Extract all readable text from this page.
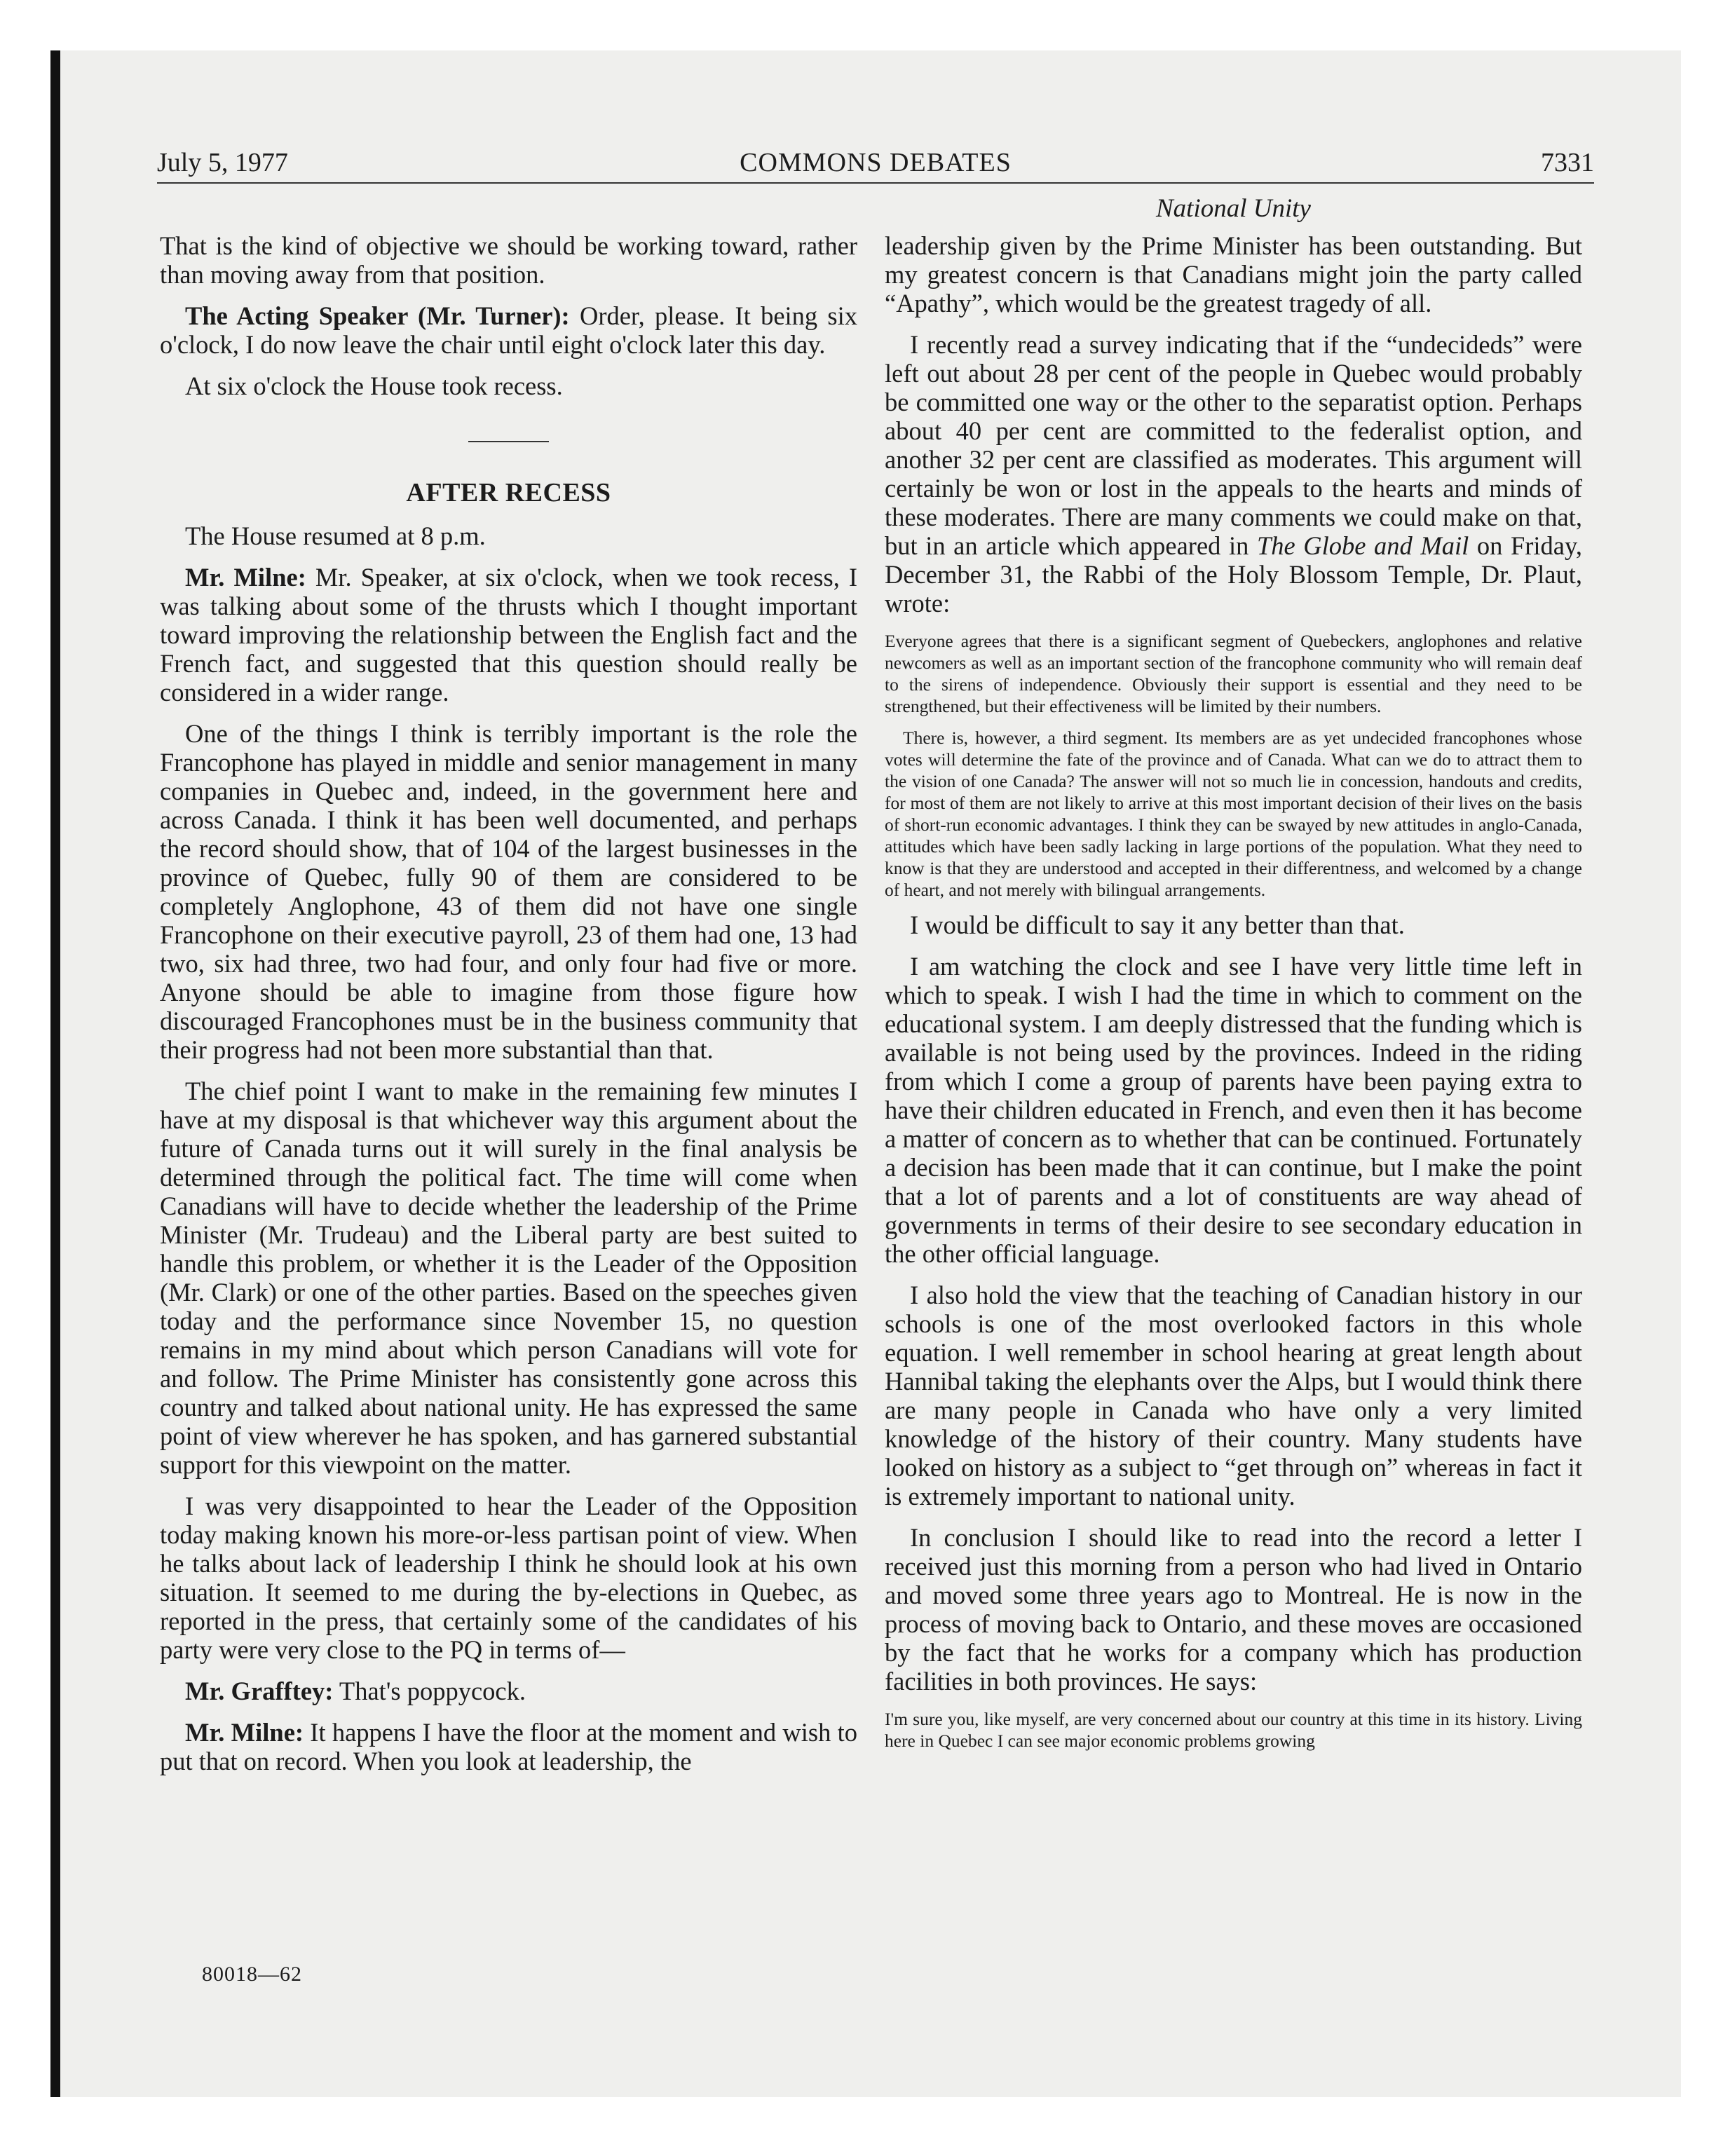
July 5, 1977	COMMONS DEBATES	7331
National Unity

That is the kind of objective we should be working toward, rather than moving away from that position.

The Acting Speaker (Mr. Turner): Order, please. It being six o'clock, I do now leave the chair until eight o'clock later this day.

At six o'clock the House took recess.

AFTER RECESS

The House resumed at 8 p.m.

Mr. Milne: Mr. Speaker, at six o'clock, when we took recess, I was talking about some of the thrusts which I thought important toward improving the relationship between the English fact and the French fact, and suggested that this question should really be considered in a wider range.

One of the things I think is terribly important is the role the Francophone has played in middle and senior management in many companies in Quebec and, indeed, in the government here and across Canada. I think it has been well documented, and perhaps the record should show, that of 104 of the largest businesses in the province of Quebec, fully 90 of them are considered to be completely Anglophone, 43 of them did not have one single Francophone on their executive payroll, 23 of them had one, 13 had two, six had three, two had four, and only four had five or more. Anyone should be able to imagine from those figure how discouraged Francophones must be in the business community that their progress had not been more substantial than that.

The chief point I want to make in the remaining few minutes I have at my disposal is that whichever way this argument about the future of Canada turns out it will surely in the final analysis be determined through the political fact. The time will come when Canadians will have to decide whether the leadership of the Prime Minister (Mr. Trudeau) and the Liberal party are best suited to handle this problem, or whether it is the Leader of the Opposition (Mr. Clark) or one of the other parties. Based on the speeches given today and the performance since November 15, no question remains in my mind about which person Canadians will vote for and follow. The Prime Minister has consistently gone across this country and talked about national unity. He has expressed the same point of view wherever he has spoken, and has garnered substantial support for this viewpoint on the matter.

I was very disappointed to hear the Leader of the Opposition today making known his more-or-less partisan point of view. When he talks about lack of leadership I think he should look at his own situation. It seemed to me during the by-elections in Quebec, as reported in the press, that certainly some of the candidates of his party were very close to the PQ in terms of—

Mr. Grafftey: That's poppycock.

Mr. Milne: It happens I have the floor at the moment and wish to put that on record. When you look at leadership, the

leadership given by the Prime Minister has been outstanding. But my greatest concern is that Canadians might join the party called “Apathy”, which would be the greatest tragedy of all.

I recently read a survey indicating that if the “undecideds” were left out about 28 per cent of the people in Quebec would probably be committed one way or the other to the separatist option. Perhaps about 40 per cent are committed to the federalist option, and another 32 per cent are classified as moderates. This argument will certainly be won or lost in the appeals to the hearts and minds of these moderates. There are many comments we could make on that, but in an article which appeared in The Globe and Mail on Friday, December 31, the Rabbi of the Holy Blossom Temple, Dr. Plaut, wrote:

Everyone agrees that there is a significant segment of Quebeckers, anglophones and relative newcomers as well as an important section of the francophone community who will remain deaf to the sirens of independence. Obviously their support is essential and they need to be strengthened, but their effectiveness will be limited by their numbers.

There is, however, a third segment. Its members are as yet undecided francophones whose votes will determine the fate of the province and of Canada. What can we do to attract them to the vision of one Canada? The answer will not so much lie in concession, handouts and credits, for most of them are not likely to arrive at this most important decision of their lives on the basis of short-run economic advantages. I think they can be swayed by new attitudes in anglo-Canada, attitudes which have been sadly lacking in large portions of the population. What they need to know is that they are understood and accepted in their differentness, and welcomed by a change of heart, and not merely with bilingual arrangements.

I would be difficult to say it any better than that.

I am watching the clock and see I have very little time left in which to speak. I wish I had the time in which to comment on the educational system. I am deeply distressed that the funding which is available is not being used by the provinces. Indeed in the riding from which I come a group of parents have been paying extra to have their children educated in French, and even then it has become a matter of concern as to whether that can be continued. Fortunately a decision has been made that it can continue, but I make the point that a lot of parents and a lot of constituents are way ahead of governments in terms of their desire to see secondary education in the other official language.

I also hold the view that the teaching of Canadian history in our schools is one of the most overlooked factors in this whole equation. I well remember in school hearing at great length about Hannibal taking the elephants over the Alps, but I would think there are many people in Canada who have only a very limited knowledge of the history of their country. Many students have looked on history as a subject to “get through on” whereas in fact it is extremely important to national unity.

In conclusion I should like to read into the record a letter I received just this morning from a person who had lived in Ontario and moved some three years ago to Montreal. He is now in the process of moving back to Ontario, and these moves are occasioned by the fact that he works for a company which has production facilities in both provinces. He says:

I'm sure you, like myself, are very concerned about our country at this time in its history. Living here in Quebec I can see major economic problems growing

80018—62
